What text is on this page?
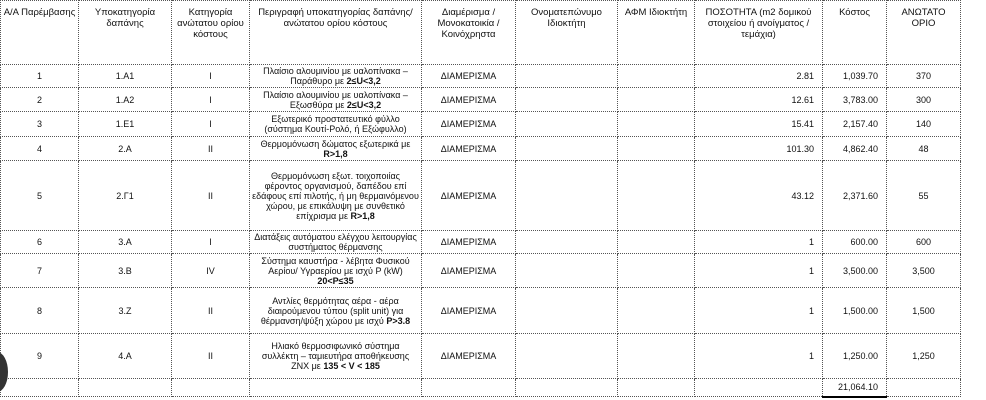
Α/Α Παρέμβασης	Υποκατηγορία δαπάνης	Κατηγορία ανώτατου ορίου κόστους	Περιγραφή υποκατηγορίας δαπάνης/ανώτατου ορίου κόστους	Διαμέρισμα / Μονοκατοικία / Κοινόχρηστα	Ονοματεπώνυμο Ιδιοκτήτη	ΑΦΜ Ιδιοκτήτη	ΠΟΣΟΤΗΤΑ (m2 δομικού στοιχείου ή ανοίγματος / τεμάχια)	Κόστος	ΑΝΩΤΑΤΟ ΟΡΙΟ
1	1.Α1	I	Πλαίσιο αλουμινίου με υαλοπίνακα – Παράθυρο με 2≤U<3,2	ΔΙΑΜΕΡΙΣΜΑ			2.81	1,039.70	370
2	1.Α2	I	Πλαίσιο αλουμινίου με υαλοπίνακα – Εξωσθύρα με 2≤U<3,2	ΔΙΑΜΕΡΙΣΜΑ			12.61	3,783.00	300
3	1.Ε1	I	Εξωτερικό προστατευτικό φύλλο (σύστημα Κουτί-Ρολό, ή Εξώφυλλο)	ΔΙΑΜΕΡΙΣΜΑ			15.41	2,157.40	140
4	2.Α	II	Θερμομόνωση δώματος εξωτερικά με R>1,8	ΔΙΑΜΕΡΙΣΜΑ			101.30	4,862.40	48
5	2.Γ1	II	Θερμομόνωση εξωτ. τοιχοποιίας φέροντος οργανισμού, δαπέδου επί εδάφους επί πιλοτής, ή μη θερμαινόμενου χώρου, με επικάλυψη με συνθετικό επίχρισμα με R>1,8	ΔΙΑΜΕΡΙΣΜΑ			43.12	2,371.60	55
6	3.Α	I	Διατάξεις αυτόματου ελέγχου λειτουργίας συστήματος θέρμανσης	ΔΙΑΜΕΡΙΣΜΑ			1	600.00	600
7	3.Β	IV	Σύστημα καυστήρα - λέβητα Φυσικού Αερίου/ Υγραερίου με ισχύ P (kW) 20<P≤35	ΔΙΑΜΕΡΙΣΜΑ			1	3,500.00	3,500
8	3.Ζ	II	Αντλίες θερμότητας αέρα - αέρα διαιρούμενου τύπου (split unit) για θέρμανση/ψύξη χώρου με ισχύ P>3.8	ΔΙΑΜΕΡΙΣΜΑ			1	1,500.00	1,500
9	4.Α	II	Ηλιακό θερμοσιφωνικό σύστημα συλλέκτη – ταμιευτήρα αποθήκευσης ΖΝΧ με 135 < V < 185	ΔΙΑΜΕΡΙΣΜΑ			1	1,250.00	1,250
								21,064.10	
